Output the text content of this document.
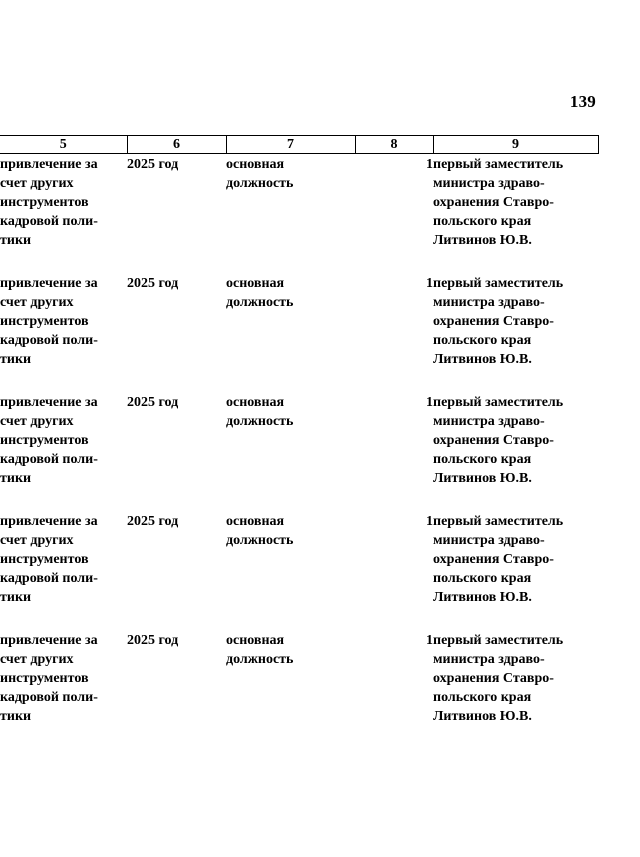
139
5	6	7	8	9

привлечение за
счет других
инструментов
кадровой поли-
тики	2025 год	основная
должность	1	первый заместитель
министра здраво-
охранения Ставро-
польского края
Литвинов Ю.В.

привлечение за
счет других
инструментов
кадровой поли-
тики	2025 год	основная
должность	1	первый заместитель
министра здраво-
охранения Ставро-
польского края
Литвинов Ю.В.

привлечение за
счет других
инструментов
кадровой поли-
тики	2025 год	основная
должность	1	первый заместитель
министра здраво-
охранения Ставро-
польского края
Литвинов Ю.В.

привлечение за
счет других
инструментов
кадровой поли-
тики	2025 год	основная
должность	1	первый заместитель
министра здраво-
охранения Ставро-
польского края
Литвинов Ю.В.

привлечение за
счет других
инструментов
кадровой поли-
тики	2025 год	основная
должность	1	первый заместитель
министра здраво-
охранения Ставро-
польского края
Литвинов Ю.В.
